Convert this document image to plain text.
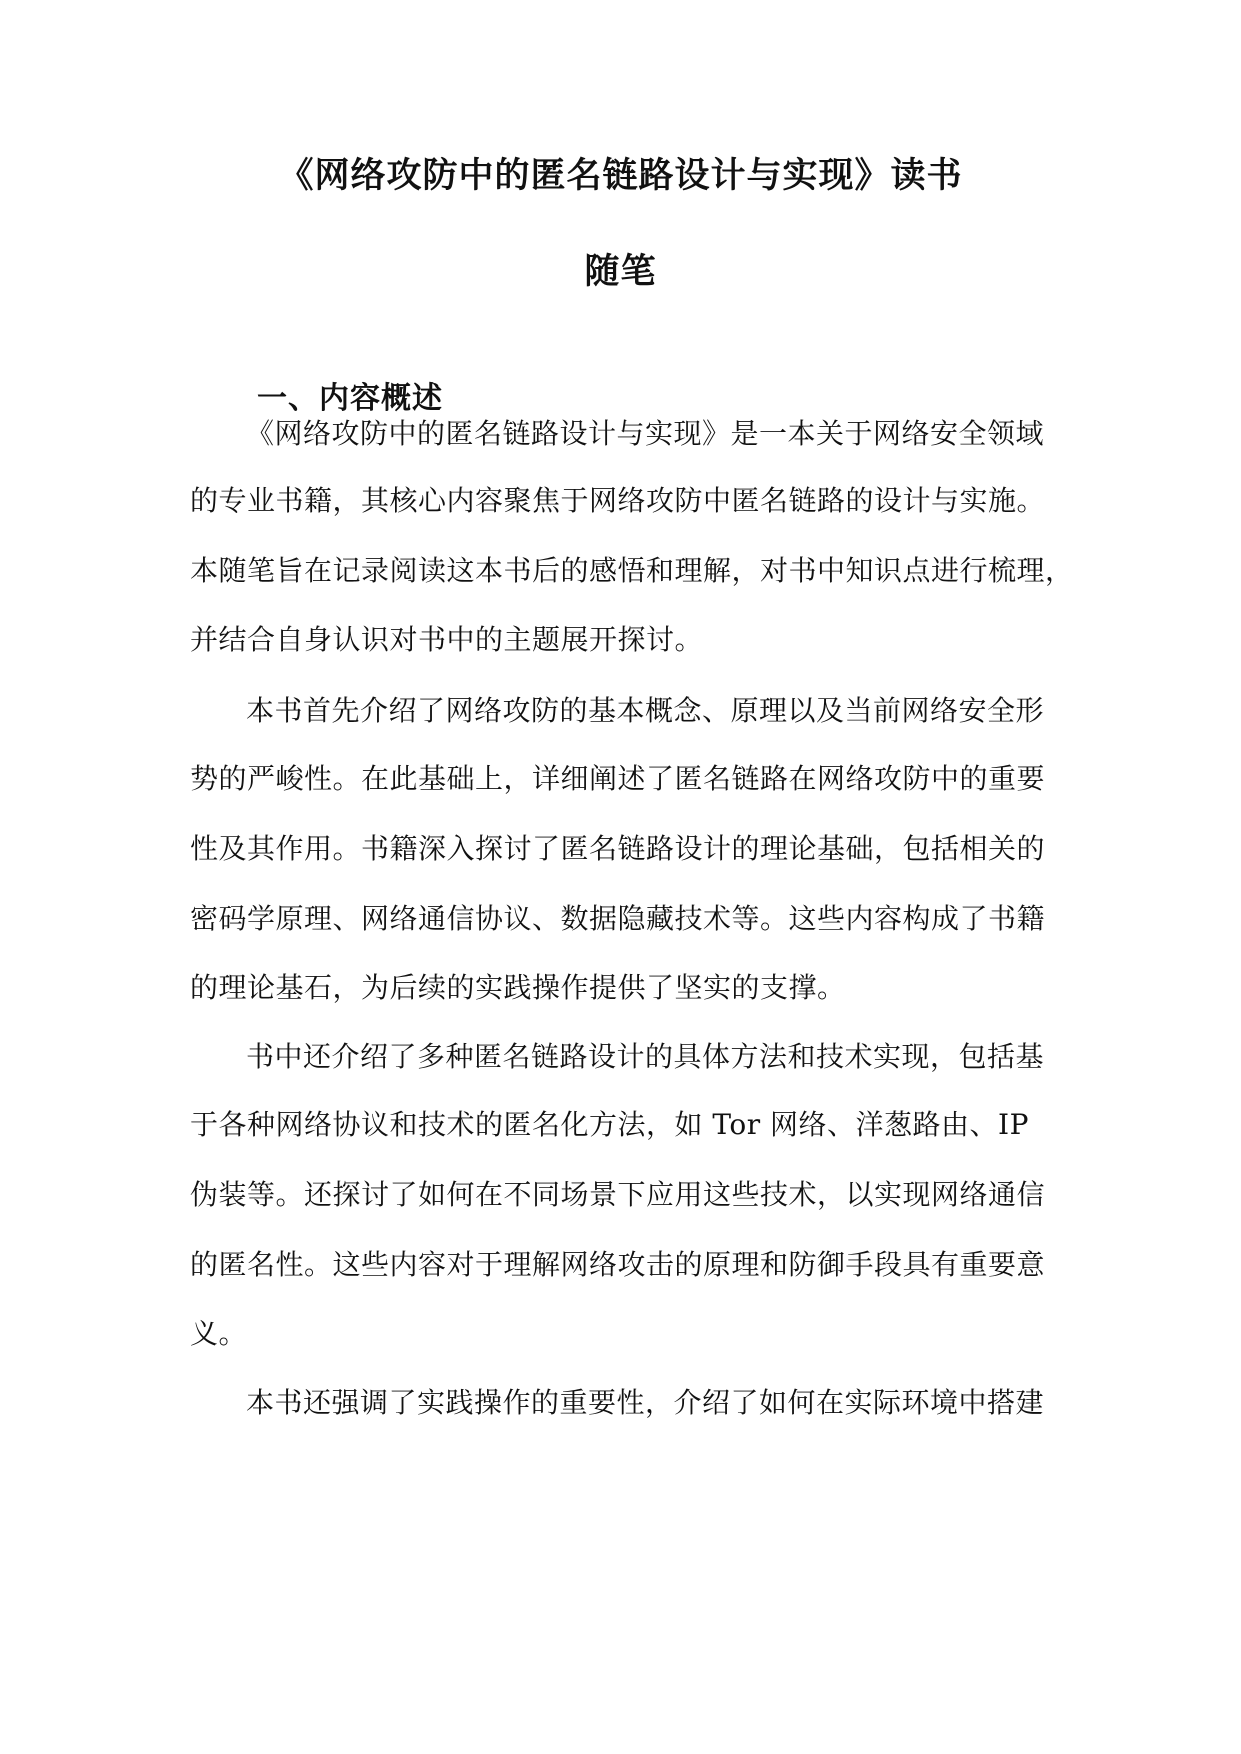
《网络攻防中的匿名链路设计与实现》读书
随笔
一、内容概述

《网络攻防中的匿名链路设计与实现》是一本关于网络安全领域

的专业书籍，其核心内容聚焦于网络攻防中匿名链路的设计与实施。

本随笔旨在记录阅读这本书后的感悟和理解，对书中知识点进行梳理，

并结合自身认识对书中的主题展开探讨。

本书首先介绍了网络攻防的基本概念、原理以及当前网络安全形

势的严峻性。在此基础上，详细阐述了匿名链路在网络攻防中的重要

性及其作用。书籍深入探讨了匿名链路设计的理论基础，包括相关的

密码学原理、网络通信协议、数据隐藏技术等。这些内容构成了书籍

的理论基石，为后续的实践操作提供了坚实的支撑。

书中还介绍了多种匿名链路设计的具体方法和技术实现，包括基

于各种网络协议和技术的匿名化方法，如 Tor 网络、洋葱路由、IP

伪装等。还探讨了如何在不同场景下应用这些技术，以实现网络通信

的匿名性。这些内容对于理解网络攻击的原理和防御手段具有重要意

义。

本书还强调了实践操作的重要性，介绍了如何在实际环境中搭建
